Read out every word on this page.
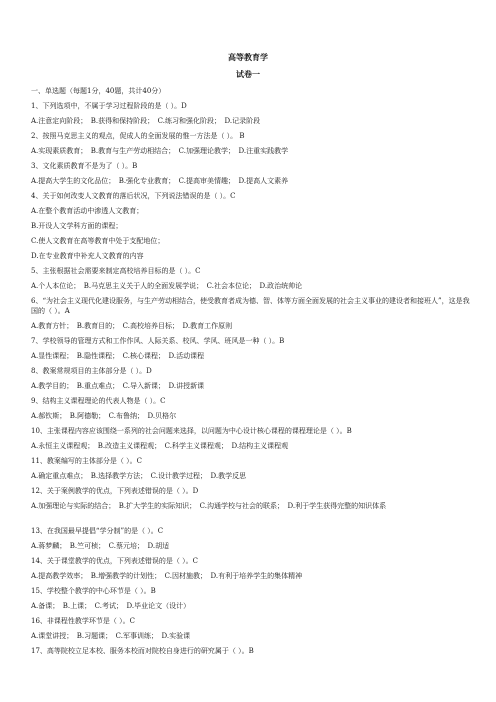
高等教育学
试卷一
一、单选题（每题1分，40题，共计40分）
1、下列选项中，不属于学习过程阶段的是（ ）。D
A.注意定向阶段；　B.获得和保持阶段；　C.练习和强化阶段；　D.记录阶段
2、按照马克思主义的观点，促成人的全面发展的惟一方法是（ ）。 B
A.实现素质教育；　B.教育与生产劳动相结合；　C.加强理论教学；　D.注重实践教学
3、文化素质教育不是为了（ ）。B
A.提高大学生的文化品位；　B.强化专业教育；　C.提高审美情趣；　D.提高人文素养
4、关于如何改变人文教育的落后状况，下列说法错误的是（ ）。C
A.在整个教育活动中渗透人文教育；
B.开设人文学科方面的课程；
C.使人文教育在高等教育中处于支配地位；
D.在专业教育中补充人文教育的内容
5、主张根据社会需要来制定高校培养目标的是（ ）。C
A.个人本位论；　B.马克思主义关于人的全面发展学说；　C.社会本位论；　D.政治统帅论
6、“为社会主义现代化建设服务，与生产劳动相结合，使受教育者成为德、智、体等方面全面发展的社会主义事业的建设者和接班人”，这是我国的（ ）。A
A.教育方针；　B.教育目的；　C.高校培养目标；　D.教育工作原则
7、学校领导的管理方式和工作作风、人际关系、校风、学风、班风是一种（ ）。B
A.显性课程；　B.隐性课程；　C.核心课程；　D.活动课程
8、教案常规项目的主体部分是（ ）。D
A.教学目的；　B.重点难点；　C.导入新课；　D.讲授新课
9、结构主义课程理论的代表人物是（ ）。C
A.郝钦斯；　B.阿德勒；　C.布鲁纳；　D.贝格尔
10、主张课程内容应该围绕一系列的社会问题来选择，以问题为中心设计核心课程的课程理论是（ ）。B
A.永恒主义课程观；　B.改造主义课程观；　C.科学主义课程观；　D.结构主义课程观
11、教案编写的主体部分是（ ）。C
A.确定重点难点；　B.选择教学方法；　C.设计教学过程；　D.教学反思
12、关于案例教学的优点，下列表述错误的是（ ）。D
A.加强理论与实际的结合；　B.扩大学生的实际知识；　C.沟通学校与社会的联系；　D.利于学生获得完整的知识体系
13、在我国最早提倡“学分制”的是（ ）。C
A.蒋梦麟；　B.竺可桢；　C.蔡元培；　D.胡适
14、关于课堂教学的优点，下列表述错误的是（ ）。C
A.提高教学效率；　B.增强教学的计划性；　C.因材施教；　D.有利于培养学生的集体精神
15、学校整个教学的中心环节是（ ）。B
A.备课；　B.上课；　C.考试；　D.毕业论文（设计）
16、非课程性教学环节是（ ）。C
A.课堂讲授；　B.习题课；　C.军事训练；　D.实验课
17、高等院校立足本校、服务本校而对院校自身进行的研究属于（ ）。B
